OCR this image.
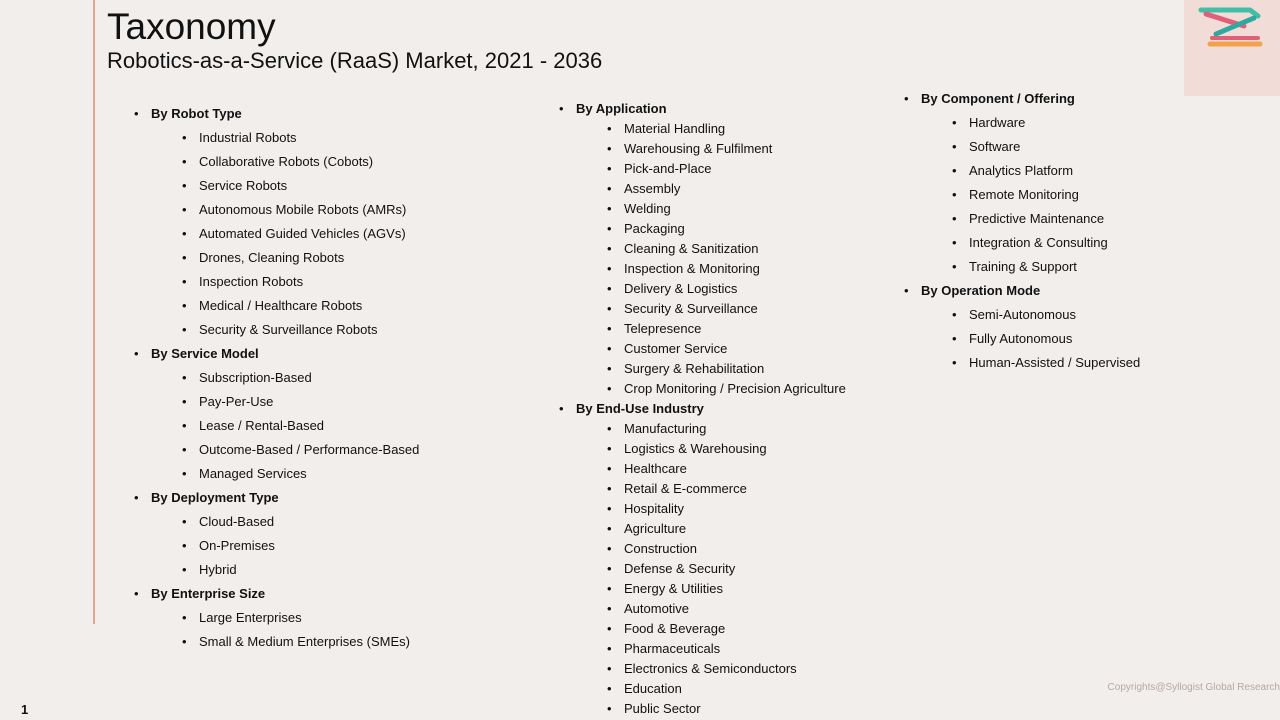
Taxonomy
Robotics-as-a-Service (RaaS) Market, 2021 - 2036
• By Robot Type
• Industrial Robots
• Collaborative Robots (Cobots)
• Service Robots
• Autonomous Mobile Robots (AMRs)
• Automated Guided Vehicles (AGVs)
• Drones, Cleaning Robots
• Inspection Robots
• Medical / Healthcare Robots
• Security & Surveillance Robots
• By Service Model
• Subscription-Based
• Pay-Per-Use
• Lease / Rental-Based
• Outcome-Based / Performance-Based
• Managed Services
• By Deployment Type
• Cloud-Based
• On-Premises
• Hybrid
• By Enterprise Size
• Large Enterprises
• Small & Medium Enterprises (SMEs)
• By Application
• Material Handling
• Warehousing & Fulfilment
• Pick-and-Place
• Assembly
• Welding
• Packaging
• Cleaning & Sanitization
• Inspection & Monitoring
• Delivery & Logistics
• Security & Surveillance
• Telepresence
• Customer Service
• Surgery & Rehabilitation
• Crop Monitoring / Precision Agriculture
• By End-Use Industry
• Manufacturing
• Logistics & Warehousing
• Healthcare
• Retail & E-commerce
• Hospitality
• Agriculture
• Construction
• Defense & Security
• Energy & Utilities
• Automotive
• Food & Beverage
• Pharmaceuticals
• Electronics & Semiconductors
• Education
• Public Sector
• By Component / Offering
• Hardware
• Software
• Analytics Platform
• Remote Monitoring
• Predictive Maintenance
• Integration & Consulting
• Training & Support
• By Operation Mode
• Semi-Autonomous
• Fully Autonomous
• Human-Assisted / Supervised
Copyrights@Syllogist Global Research
1
